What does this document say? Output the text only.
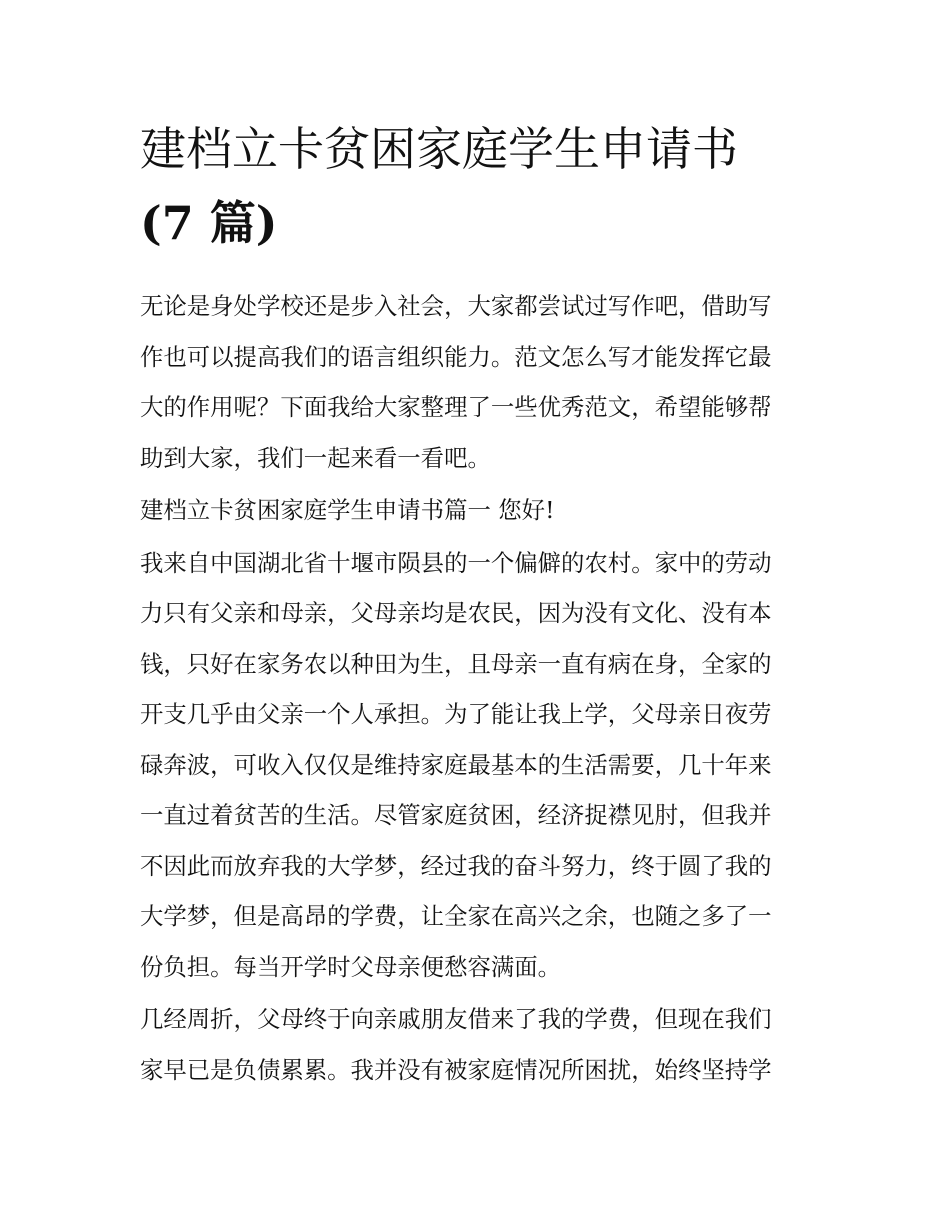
建档立卡贫困家庭学生申请书
(7 篇)

无论是身处学校还是步入社会，大家都尝试过写作吧，借助写
作也可以提高我们的语言组织能力。范文怎么写才能发挥它最
大的作用呢？下面我给大家整理了一些优秀范文，希望能够帮
助到大家，我们一起来看一看吧。

建档立卡贫困家庭学生申请书篇一 您好!

我来自中国湖北省十堰市陨县的一个偏僻的农村。家中的劳动
力只有父亲和母亲，父母亲均是农民，因为没有文化、没有本
钱，只好在家务农以种田为生，且母亲一直有病在身，全家的
开支几乎由父亲一个人承担。为了能让我上学，父母亲日夜劳
碌奔波，可收入仅仅是维持家庭最基本的生活需要，几十年来
一直过着贫苦的生活。尽管家庭贫困，经济捉襟见肘，但我并
不因此而放弃我的大学梦，经过我的奋斗努力，终于圆了我的
大学梦，但是高昂的学费，让全家在高兴之余，也随之多了一
份负担。每当开学时父母亲便愁容满面。

几经周折，父母终于向亲戚朋友借来了我的学费，但现在我们
家早已是负债累累。我并没有被家庭情况所困扰，始终坚持学
